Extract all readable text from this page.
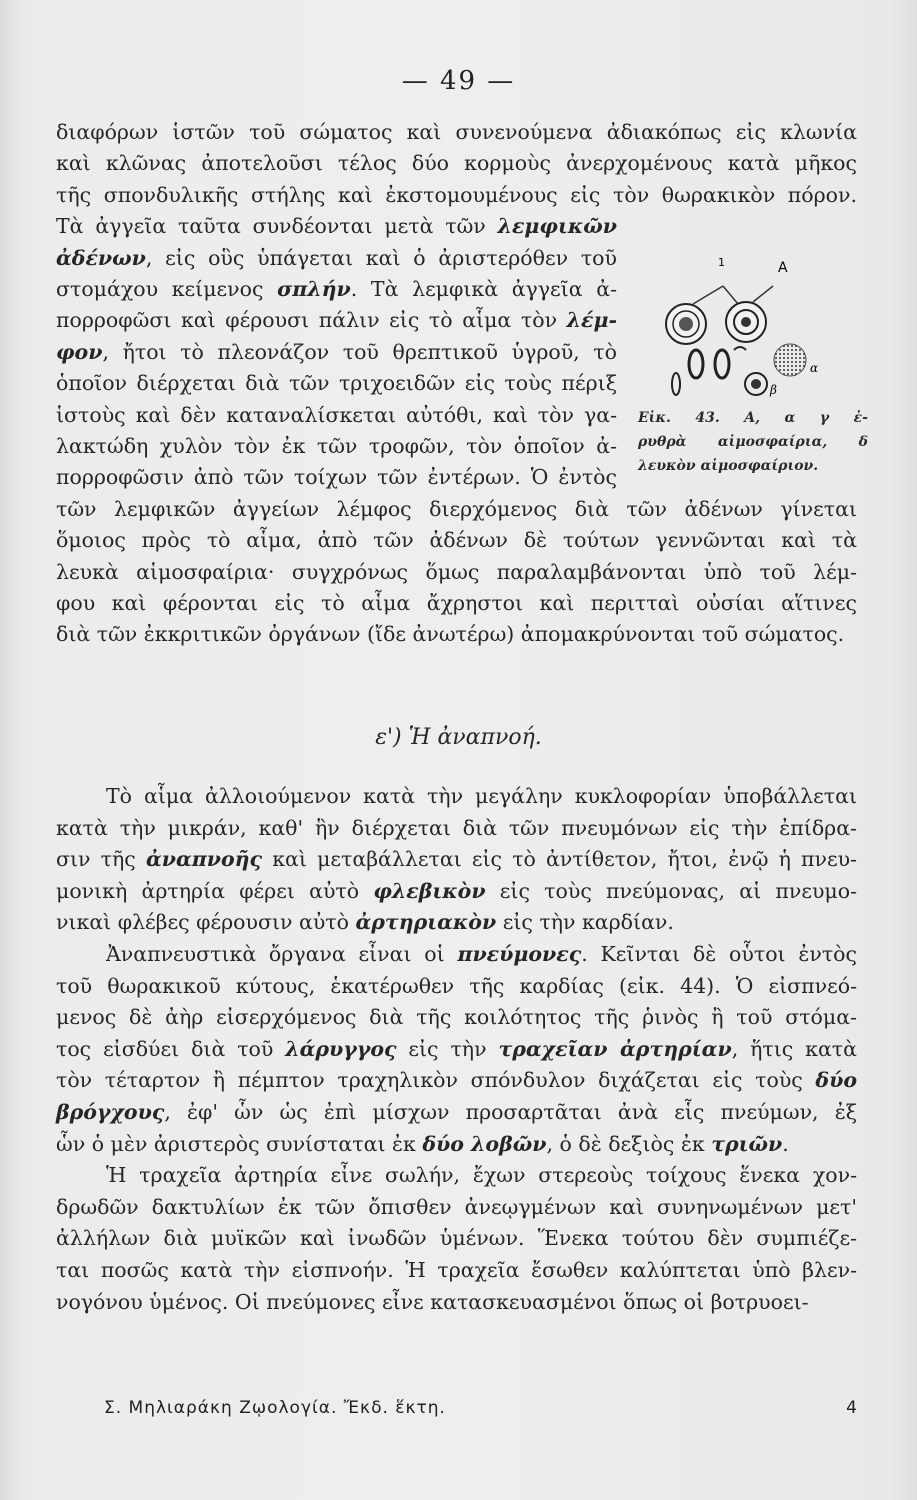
— 49 —
διαφόρων ἱστῶν τοῦ σώματος καὶ συνενούμενα ἀδιακόπως εἰς κλωνία
καὶ κλῶνας ἀποτελοῦσι τέλος δύο κορμοὺς ἀνερχομένους κατὰ μῆκος
τῆς σπονδυλικῆς στήλης καὶ ἐκστομουμένους εἰς τὸν θωρακικὸν πόρον.
Τὰ ἀγγεῖα ταῦτα συνδέονται μετὰ τῶν λεμφικῶν
ἀδένων, εἰς οὓς ὑπάγεται καὶ ὁ ἀριστερόθεν τοῦ
στομάχου κείμενος σπλήν. Τὰ λεμφικὰ ἀγγεῖα ἀ-
πορροφῶσι καὶ φέρουσι πάλιν εἰς τὸ αἷμα τὸν λέμ-
φον, ἤτοι τὸ πλεονάζον τοῦ θρεπτικοῦ ὑγροῦ, τὸ
ὁποῖον διέρχεται διὰ τῶν τριχοειδῶν εἰς τοὺς πέριξ
ἱστοὺς καὶ δὲν καταναλίσκεται αὐτόθι, καὶ τὸν γα-
λακτώδη χυλὸν τὸν ἐκ τῶν τροφῶν, τὸν ὁποῖον ἀ-
πορροφῶσιν ἀπὸ τῶν τοίχων τῶν ἐντέρων. Ὁ ἐντὸς
τῶν λεμφικῶν ἀγγείων λέμφος διερχόμενος διὰ τῶν ἀδένων γίνεται
ὅμοιος πρὸς τὸ αἷμα, ἀπὸ τῶν ἀδένων δὲ τούτων γεννῶνται καὶ τὰ
λευκὰ αἱμοσφαίρια· συγχρόνως ὅμως παραλαμβάνονται ὑπὸ τοῦ λέμ-
φου καὶ φέρονται εἰς τὸ αἷμα ἄχρηστοι καὶ περιτταὶ οὐσίαι αἵτινες
διὰ τῶν ἐκκριτικῶν ὀργάνων (ἴδε ἀνωτέρω) ἀπομακρύνονται τοῦ σώματος.
ε') Ἡ ἀναπνοή.
Τὸ αἷμα ἀλλοιούμενον κατὰ τὴν μεγάλην κυκλοφορίαν ὑποβάλλεται
κατὰ τὴν μικράν, καθ' ἣν διέρχεται διὰ τῶν πνευμόνων εἰς τὴν ἐπίδρα-
σιν τῆς ἀναπνοῆς καὶ μεταβάλλεται εἰς τὸ ἀντίθετον, ἤτοι, ἐνῷ ἡ πνευ-
μονικὴ ἀρτηρία φέρει αὐτὸ φλεβικὸν εἰς τοὺς πνεύμονας, αἱ πνευμο-
νικαὶ φλέβες φέρουσιν αὐτὸ ἀρτηριακὸν εἰς τὴν καρδίαν.
Ἀναπνευστικὰ ὄργανα εἶναι οἱ πνεύμονες. Κεῖνται δὲ οὗτοι ἐντὸς
τοῦ θωρακικοῦ κύτους, ἑκατέρωθεν τῆς καρδίας (εἰκ. 44). Ὁ εἰσπνεό-
μενος δὲ ἀὴρ εἰσερχόμενος διὰ τῆς κοιλότητος τῆς ῥινὸς ἢ τοῦ στόμα-
τος εἰσδύει διὰ τοῦ λάρυγγος εἰς τὴν τραχεῖαν ἀρτηρίαν, ἥτις κατὰ
τὸν τέταρτον ἢ πέμπτον τραχηλικὸν σπόνδυλον διχάζεται εἰς τοὺς δύο
βρόγχους, ἐφ' ὧν ὡς ἐπὶ μίσχων προσαρτᾶται ἀνὰ εἷς πνεύμων, ἐξ
ὧν ὁ μὲν ἀριστερὸς συνίσταται ἐκ δύο λοβῶν, ὁ δὲ δεξιὸς ἐκ τριῶν.
Ἡ τραχεῖα ἀρτηρία εἶνε σωλήν, ἔχων στερεοὺς τοίχους ἕνεκα χον-
δρωδῶν δακτυλίων ἐκ τῶν ὄπισθεν ἀνεῳγμένων καὶ συνηνωμένων μετ'
ἀλλήλων διὰ μυϊκῶν καὶ ἰνωδῶν ὑμένων. Ἕνεκα τούτου δὲν συμπιέζε-
ται ποσῶς κατὰ τὴν εἰσπνοήν. Ἡ τραχεῖα ἔσωθεν καλύπτεται ὑπὸ βλεν-
νογόνου ὑμένος. Οἱ πνεύμονες εἶνε κατασκευασμένοι ὅπως οἱ βοτρυοει-
A
1
α
β
Εἰκ. 43. Α, α γ ἐ-
ρυθρὰ αἱμοσφαίρια, δ
λευκὸν αἱμοσφαίριον.
Σ. Μηλιαράκη Ζῳολογία. Ἔκδ. ἕκτη.	4
